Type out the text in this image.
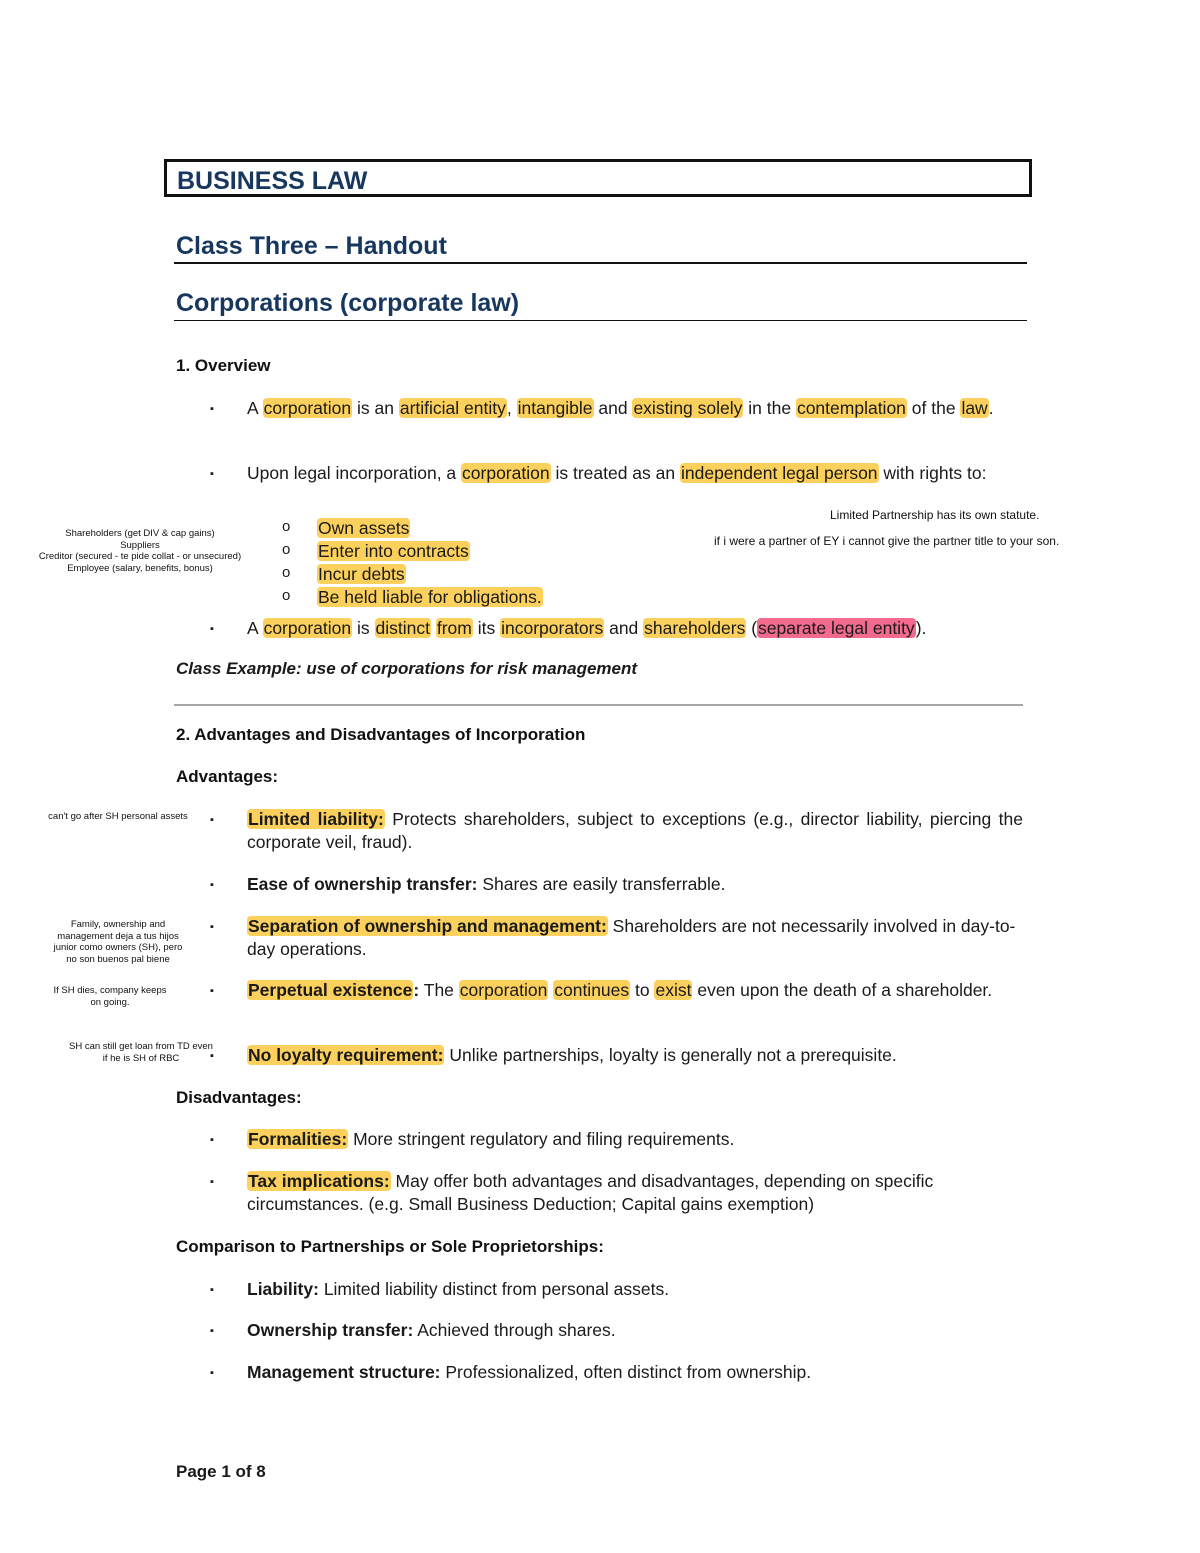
BUSINESS LAW
Class Three – Handout
Corporations (corporate law)
1. Overview
▪ A corporation is an artificial entity, intangible and existing solely in the contemplation of the law.
▪ Upon legal incorporation, a corporation is treated as an independent legal person with rights to:
o Own assets
o Enter into contracts
o Incur debts
o Be held liable for obligations.
▪ A corporation is distinct from its incorporators and shareholders (separate legal entity).
Class Example: use of corporations for risk management
2. Advantages and Disadvantages of Incorporation
Advantages:
▪ Limited liability: Protects shareholders, subject to exceptions (e.g., director liability, piercing the corporate veil, fraud).
▪ Ease of ownership transfer: Shares are easily transferrable.
▪ Separation of ownership and management: Shareholders are not necessarily involved in day-to-day operations.
▪ Perpetual existence: The corporation continues to exist even upon the death of a shareholder.
▪ No loyalty requirement: Unlike partnerships, loyalty is generally not a prerequisite.
Disadvantages:
▪ Formalities: More stringent regulatory and filing requirements.
▪ Tax implications: May offer both advantages and disadvantages, depending on specific circumstances. (e.g. Small Business Deduction; Capital gains exemption)
Comparison to Partnerships or Sole Proprietorships:
▪ Liability: Limited liability distinct from personal assets.
▪ Ownership transfer: Achieved through shares.
▪ Management structure: Professionalized, often distinct from ownership.
Shareholders (get DIV & cap gains)
Suppliers
Creditor (secured - te pide collat - or unsecured)
Employee (salary, benefits, bonus)
Limited Partnership has its own statute.
if i were a partner of EY i cannot give the partner title to your son.
can't go after SH personal assets
Family, ownership and management deja a tus hijos junior como owners (SH), pero no son buenos pal biene
If SH dies, company keeps on going.
SH can still get loan from TD even if he is SH of RBC
Page 1 of 8
